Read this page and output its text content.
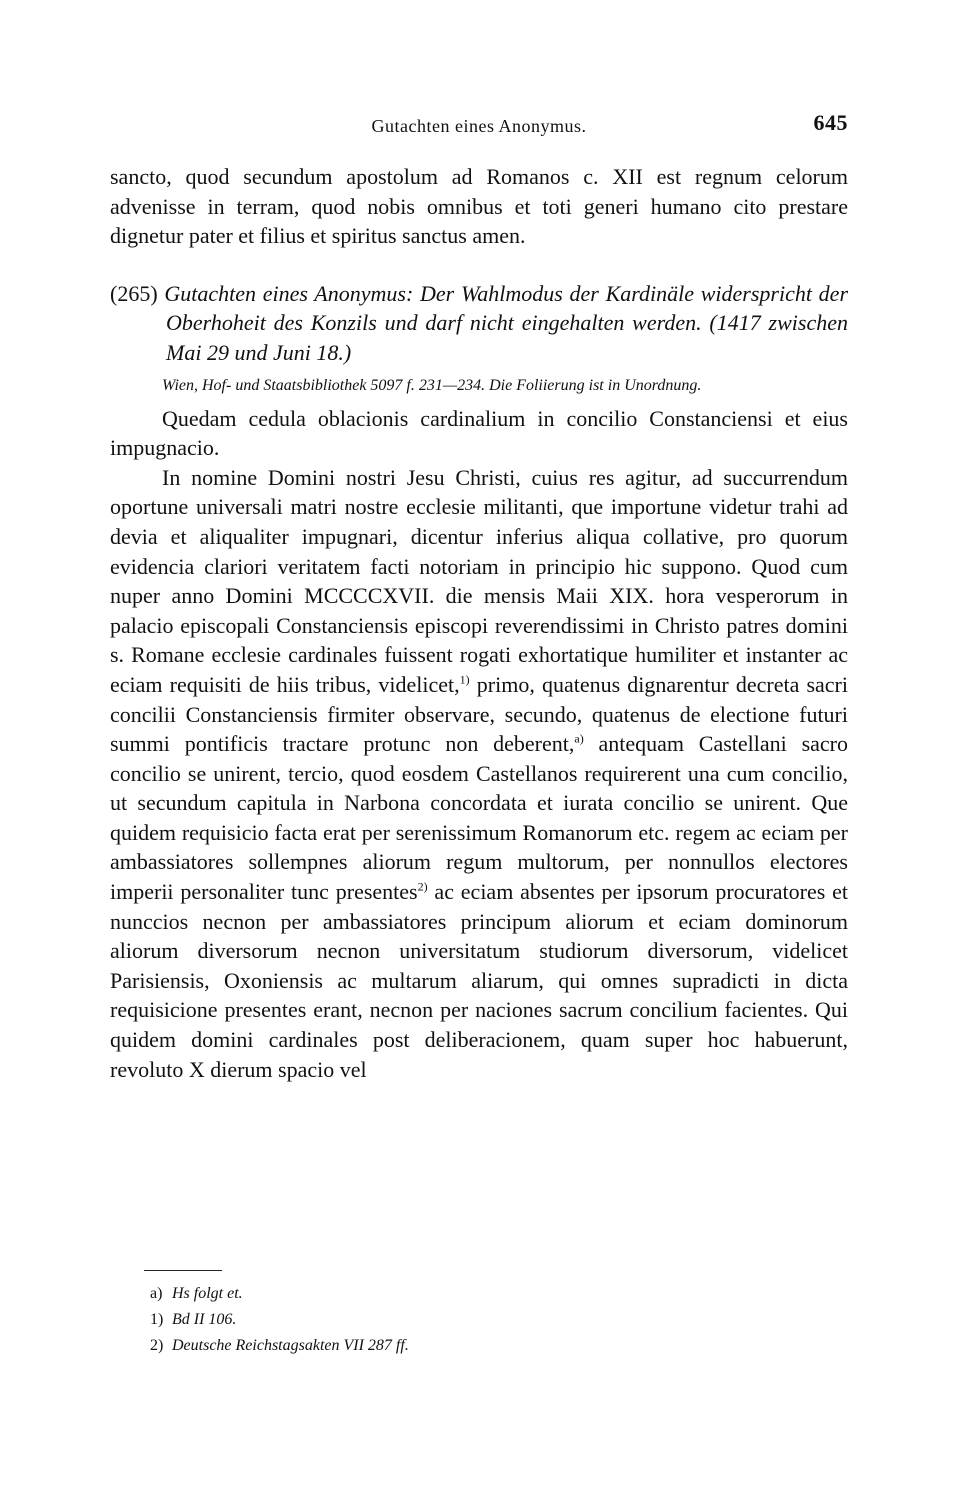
Gutachten eines Anonymus.	645

sancto, quod secundum apostolum ad Romanos c. XII est regnum celorum advenisse in terram, quod nobis omnibus et toti generi humano cito prestare dignetur pater et filius et spiritus sanctus amen.

(265) Gutachten eines Anonymus: Der Wahlmodus der Kardinäle widerspricht der Oberhoheit des Konzils und darf nicht eingehalten werden. (1417 zwischen Mai 29 und Juni 18.)
Wien, Hof- und Staatsbibliothek 5097 f. 231—234. Die Foliierung ist in Unordnung.

Quedam cedula oblacionis cardinalium in concilio Constanciensi et eius impugnacio.

In nomine Domini nostri Jesu Christi, cuius res agitur, ad succurrendum oportune universali matri nostre ecclesie militanti, que importune videtur trahi ad devia et aliqualiter impugnari, dicentur inferius aliqua collative, pro quorum evidencia clariori veritatem facti notoriam in principio hic suppono. Quod cum nuper anno Domini MCCCCXVII. die mensis Maii XIX. hora vesperorum in palacio episcopali Constanciensis episcopi reverendissimi in Christo patres domini s. Romane ecclesie cardinales fuissent rogati exhortatique humiliter et instanter ac eciam requisiti de hiis tribus, videlicet,$^{1)}$ primo, quatenus dignarentur decreta sacri concilii Constanciensis firmiter observare, secundo, quatenus de electione futuri summi pontificis tractare protunc non deberent,$^{a)}$ antequam Castellani sacro concilio se unirent, tercio, quod eosdem Castellanos requirerent una cum concilio, ut secundum capitula in Narbona concordata et iurata concilio se unirent. Que quidem requisicio facta erat per serenissimum Romanorum etc. regem ac eciam per ambassiatores sollempnes aliorum regum multorum, per nonnullos electores imperii personaliter tunc presentes$^{2)}$ ac eciam absentes per ipsorum procuratores et nunccios necnon per ambassiatores principum aliorum et eciam dominorum aliorum diversorum necnon universitatum studiorum diversorum, videlicet Parisiensis, Oxoniensis ac multarum aliarum, qui omnes supradicti in dicta requisicione presentes erant, necnon per naciones sacrum concilium facientes. Qui quidem domini cardinales post deliberacionem, quam super hoc habuerunt, revoluto X dierum spacio vel

a) Hs folgt et.
1) Bd II 106.
2) Deutsche Reichstagsakten VII 287 ff.
